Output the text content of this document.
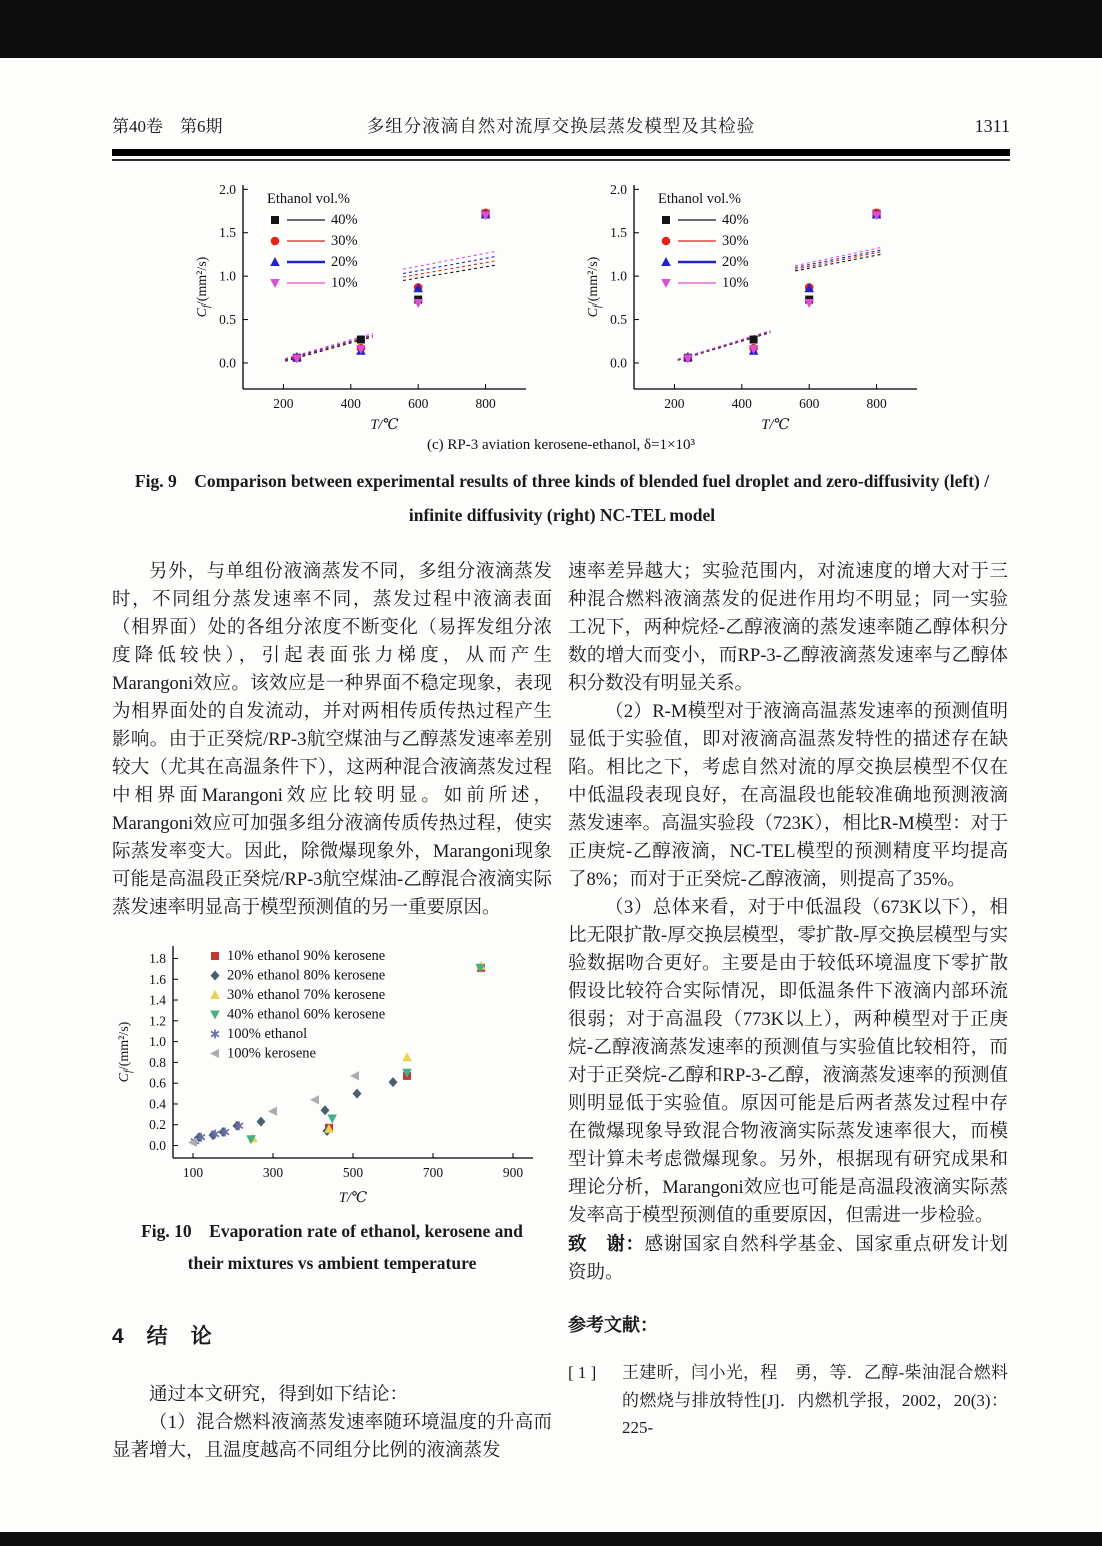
第40卷　第6期	多组分液滴自然对流厚交换层蒸发模型及其检验	1311
200	400	600	800
0.0
0.5
1.0
1.5
2.0
T/℃
$C_f/(mm^2/s)$
Ethanol vol.%
40%
30%
20%
10%
200	400	600	800
0.0
0.5
1.0
1.5
2.0
T/℃
$C_f/(mm^2/s)$
Ethanol vol.%
40%
30%
20%
10%
(c) RP-3 aviation kerosene-ethanol, δ=1×10³
Fig. 9　Comparison between experimental results of three kinds of blended fuel droplet and zero-diffusivity (left) / infinite diffusivity (right) NC-TEL model

另外，与单组份液滴蒸发不同，多组分液滴蒸发时，不同组分蒸发速率不同，蒸发过程中液滴表面（相界面）处的各组分浓度不断变化（易挥发组分浓度降低较快），引起表面张力梯度，从而产生Marangoni效应。该效应是一种界面不稳定现象，表现为相界面处的自发流动，并对两相传质传热过程产生影响。由于正癸烷/RP-3航空煤油与乙醇蒸发速率差别较大（尤其在高温条件下），这两种混合液滴蒸发过程中相界面Marangoni效应比较明显。如前所述，Marangoni效应可加强多组分液滴传质传热过程，使实际蒸发率变大。因此，除微爆现象外，Marangoni现象可能是高温段正癸烷/RP-3航空煤油-乙醇混合液滴实际蒸发速率明显高于模型预测值的另一重要原因。

100	300	500	700	900
0.0
0.2
0.4
0.6
0.8
1.0
1.2
1.4
1.6
1.8
T/℃
$C_f/(mm^2/s)$
10% ethanol 90% kerosene
20% ethanol 80% kerosene
30% ethanol 70% kerosene
40% ethanol 60% kerosene
100% ethanol
100% kerosene
Fig. 10　Evaporation rate of ethanol, kerosene and their mixtures vs ambient temperature
4　结　论

通过本文研究，得到如下结论：

（1）混合燃料液滴蒸发速率随环境温度的升高而显著增大，且温度越高不同组分比例的液滴蒸发

速率差异越大；实验范围内，对流速度的增大对于三种混合燃料液滴蒸发的促进作用均不明显；同一实验工况下，两种烷烃-乙醇液滴的蒸发速率随乙醇体积分数的增大而变小，而RP-3-乙醇液滴蒸发速率与乙醇体积分数没有明显关系。

（2）R-M模型对于液滴高温蒸发速率的预测值明显低于实验值，即对液滴高温蒸发特性的描述存在缺陷。相比之下，考虑自然对流的厚交换层模型不仅在中低温段表现良好，在高温段也能较准确地预测液滴蒸发速率。高温实验段（723K），相比R-M模型：对于正庚烷-乙醇液滴，NC-TEL模型的预测精度平均提高了8%；而对于正癸烷-乙醇液滴，则提高了35%。

（3）总体来看，对于中低温段（673K以下），相比无限扩散-厚交换层模型，零扩散-厚交换层模型与实验数据吻合更好。主要是由于较低环境温度下零扩散假设比较符合实际情况，即低温条件下液滴内部环流很弱；对于高温段（773K以上），两种模型对于正庚烷-乙醇液滴蒸发速率的预测值与实验值比较相符，而对于正癸烷-乙醇和RP-3-乙醇，液滴蒸发速率的预测值则明显低于实验值。原因可能是后两者蒸发过程中存在微爆现象导致混合物液滴实际蒸发速率很大，而模型计算未考虑微爆现象。另外，根据现有研究成果和理论分析，Marangoni效应也可能是高温段液滴实际蒸发率高于模型预测值的重要原因，但需进一步检验。

致　谢：感谢国家自然科学基金、国家重点研发计划资助。

参考文献：
[ 1 ]	王建昕，闫小光，程　勇，等．乙醇-柴油混合燃料的燃烧与排放特性[J]．内燃机学报，2002，20(3)：225-
